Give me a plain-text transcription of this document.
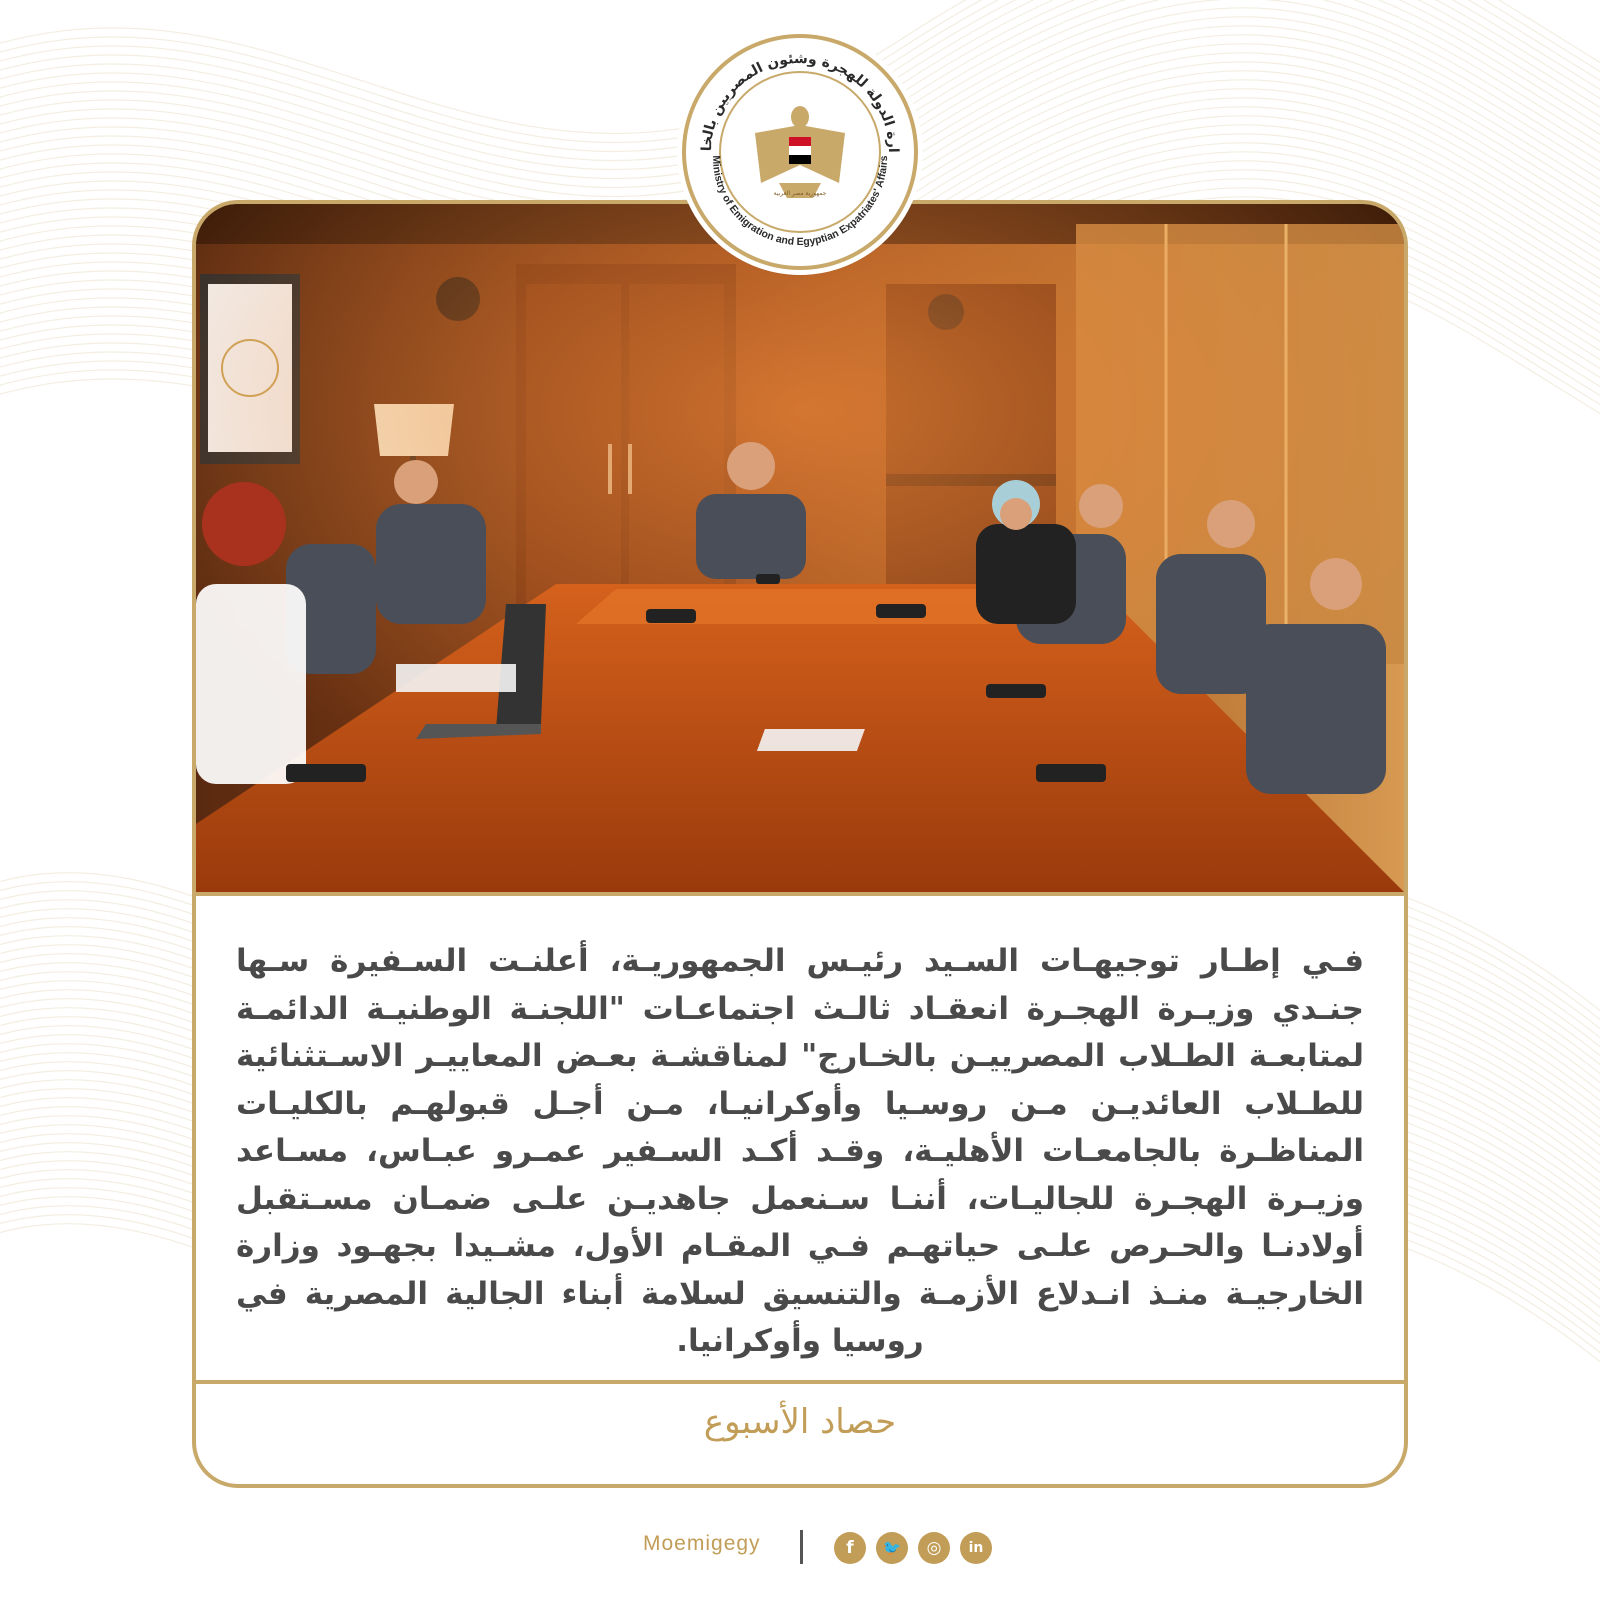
فـي إطـار توجيهـات السـيد رئيـس الجمهوريـة، أعلنـت السـفيرة سـها جنـدي وزيـرة الهجـرة انعقـاد ثالـث اجتماعـات "اللجنـة الوطنيـة الدائمـة لمتابعـة الطـلاب المصرييـن بالخـارج" لمناقشـة بعـض المعاييـر الاسـتثنائية للطـلاب العائديـن مـن روسـيا وأوكرانيـا، مـن أجـل قبولهـم بالكليـات المناظـرة بالجامعـات الأهليـة، وقـد أكـد السـفير عمـرو عبـاس، مسـاعد وزيـرة الهجـرة للجاليـات، أننـا سـنعمل جاهديـن علـى ضمـان مسـتقبل أولادنـا والحـرص علـى حياتهـم فـي المقـام الأول، مشـيدا بجهـود وزارة الخارجيـة منـذ انـدلاع الأزمـة والتنسيق لسلامة أبناء الجالية المصرية في روسيا وأوكرانيا.
حصاد الأسبوع
ارة الدولة للهجرة وشئون المصريين بالخا
Ministry of Emigration and Egyptian Expatriates' Affairs
جمهورية مصر العربية
Moemigegy	f	🐦	◎	in
